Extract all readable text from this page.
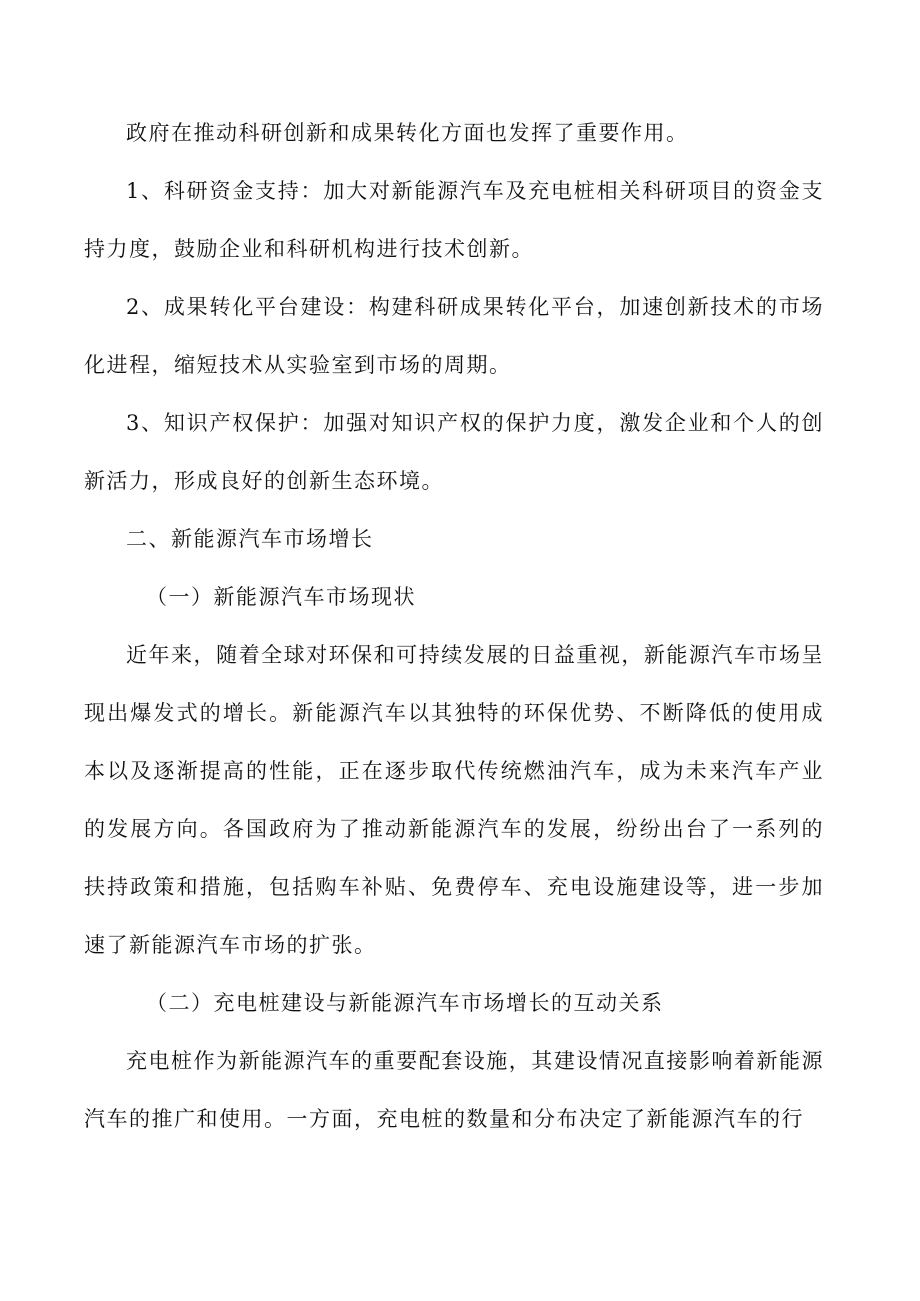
政府在推动科研创新和成果转化方面也发挥了重要作用。

1、科研资金支持：加大对新能源汽车及充电桩相关科研项目的资金支持力度，鼓励企业和科研机构进行技术创新。

2、成果转化平台建设：构建科研成果转化平台，加速创新技术的市场化进程，缩短技术从实验室到市场的周期。

3、知识产权保护：加强对知识产权的保护力度，激发企业和个人的创新活力，形成良好的创新生态环境。

二、新能源汽车市场增长

（一）新能源汽车市场现状

近年来，随着全球对环保和可持续发展的日益重视，新能源汽车市场呈现出爆发式的增长。新能源汽车以其独特的环保优势、不断降低的使用成本以及逐渐提高的性能，正在逐步取代传统燃油汽车，成为未来汽车产业的发展方向。各国政府为了推动新能源汽车的发展，纷纷出台了一系列的扶持政策和措施，包括购车补贴、免费停车、充电设施建设等，进一步加速了新能源汽车市场的扩张。

（二）充电桩建设与新能源汽车市场增长的互动关系

充电桩作为新能源汽车的重要配套设施，其建设情况直接影响着新能源汽车的推广和使用。一方面，充电桩的数量和分布决定了新能源汽车的行
